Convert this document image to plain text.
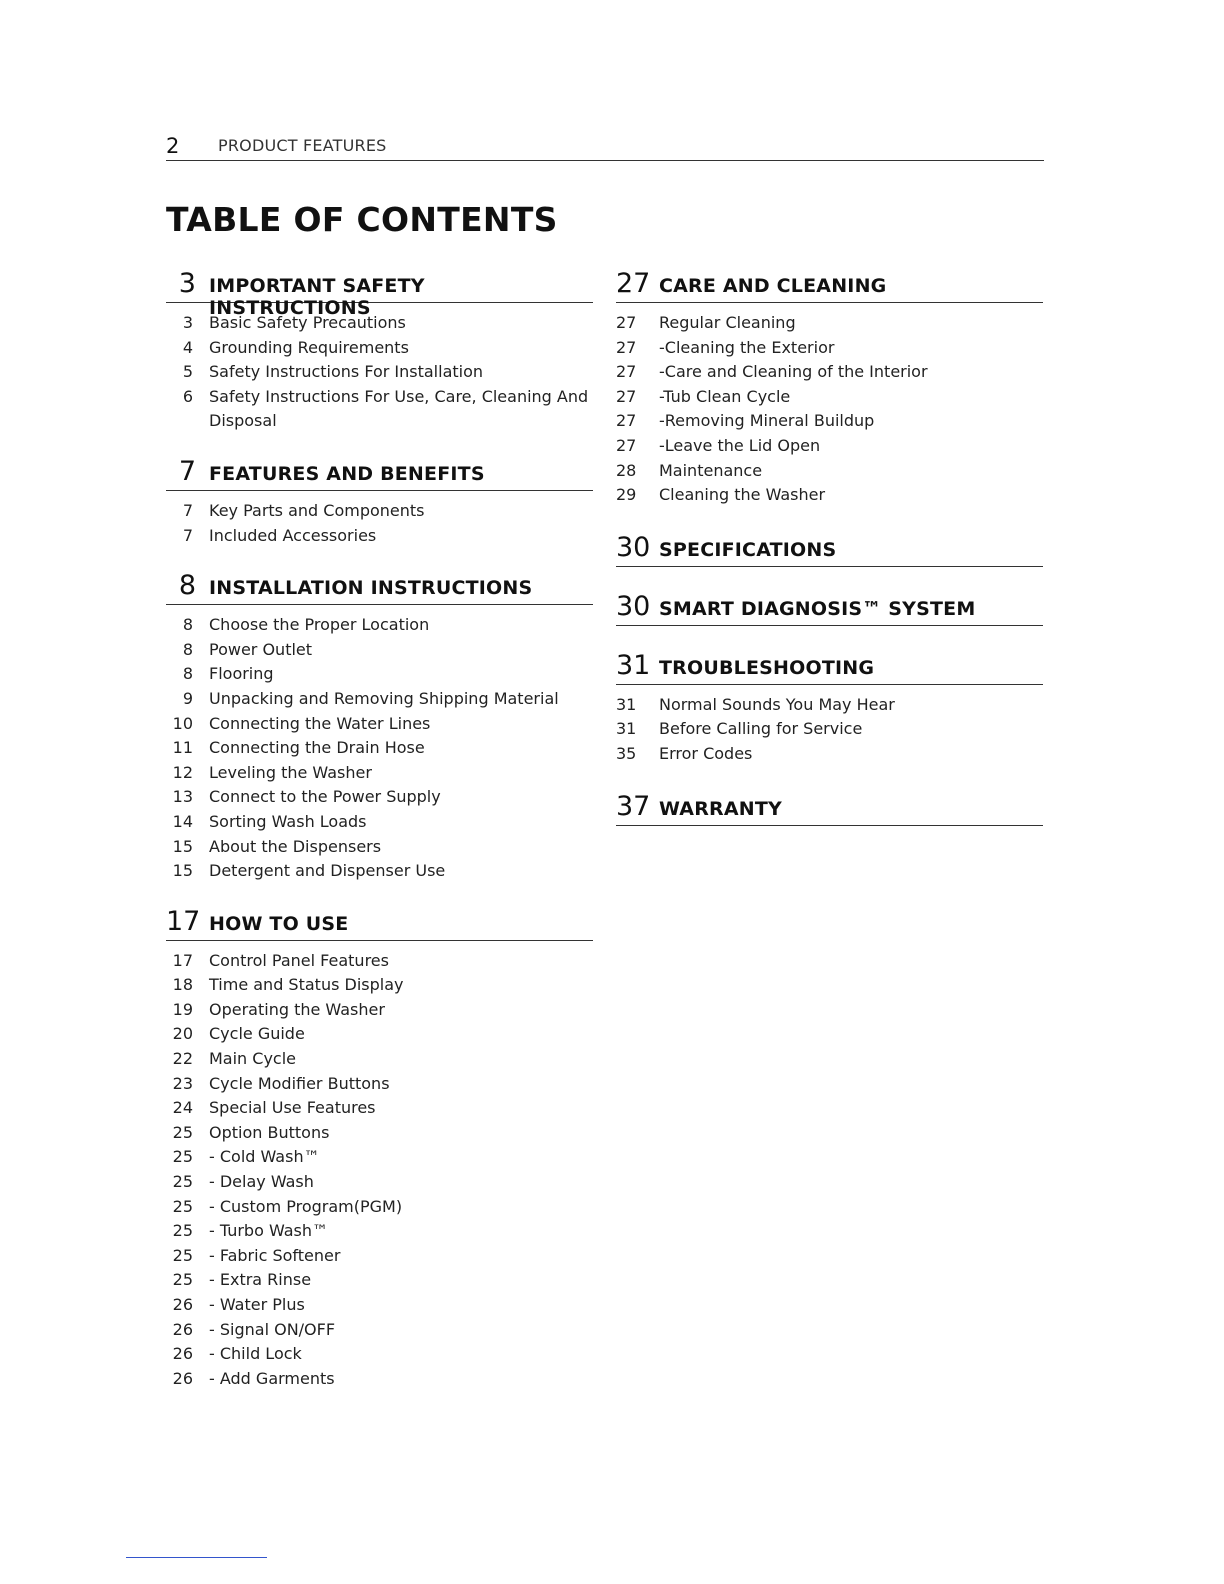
2 PRODUCT FEATURES
TABLE OF CONTENTS
3 IMPORTANT SAFETY INSTRUCTIONS
3 Basic Safety Precautions
4 Grounding Requirements
5 Safety Instructions For Installation
6 Safety Instructions For Use, Care, Cleaning And Disposal
7 FEATURES AND BENEFITS
7 Key Parts and Components
7 Included Accessories
8 INSTALLATION INSTRUCTIONS
8 Choose the Proper Location
8 Power Outlet
8 Flooring
9 Unpacking and Removing Shipping Material
10 Connecting the Water Lines
11 Connecting the Drain Hose
12 Leveling the Washer
13 Connect to the Power Supply
14 Sorting Wash Loads
15 About the Dispensers
15 Detergent and Dispenser Use
17 HOW TO USE
17 Control Panel Features
18 Time and Status Display
19 Operating the Washer
20 Cycle Guide
22 Main Cycle
23 Cycle Modifier Buttons
24 Special Use Features
25 Option Buttons
25 - Cold Wash™
25 - Delay Wash
25 - Custom Program(PGM)
25 - Turbo Wash™
25 - Fabric Softener
25 - Extra Rinse
26 - Water Plus
26 - Signal ON/OFF
26 - Child Lock
26 - Add Garments
27 CARE AND CLEANING
27	Regular Cleaning
27	-Cleaning the Exterior
27	-Care and Cleaning of the Interior
27	-Tub Clean Cycle
27	-Removing Mineral Buildup
27	-Leave the Lid Open
28	Maintenance
29	Cleaning the Washer
30 SPECIFICATIONS
30 SMART DIAGNOSIS™ SYSTEM
31 TROUBLESHOOTING
31	Normal Sounds You May Hear
31	Before Calling for Service
35	Error Codes
37 WARRANTY
